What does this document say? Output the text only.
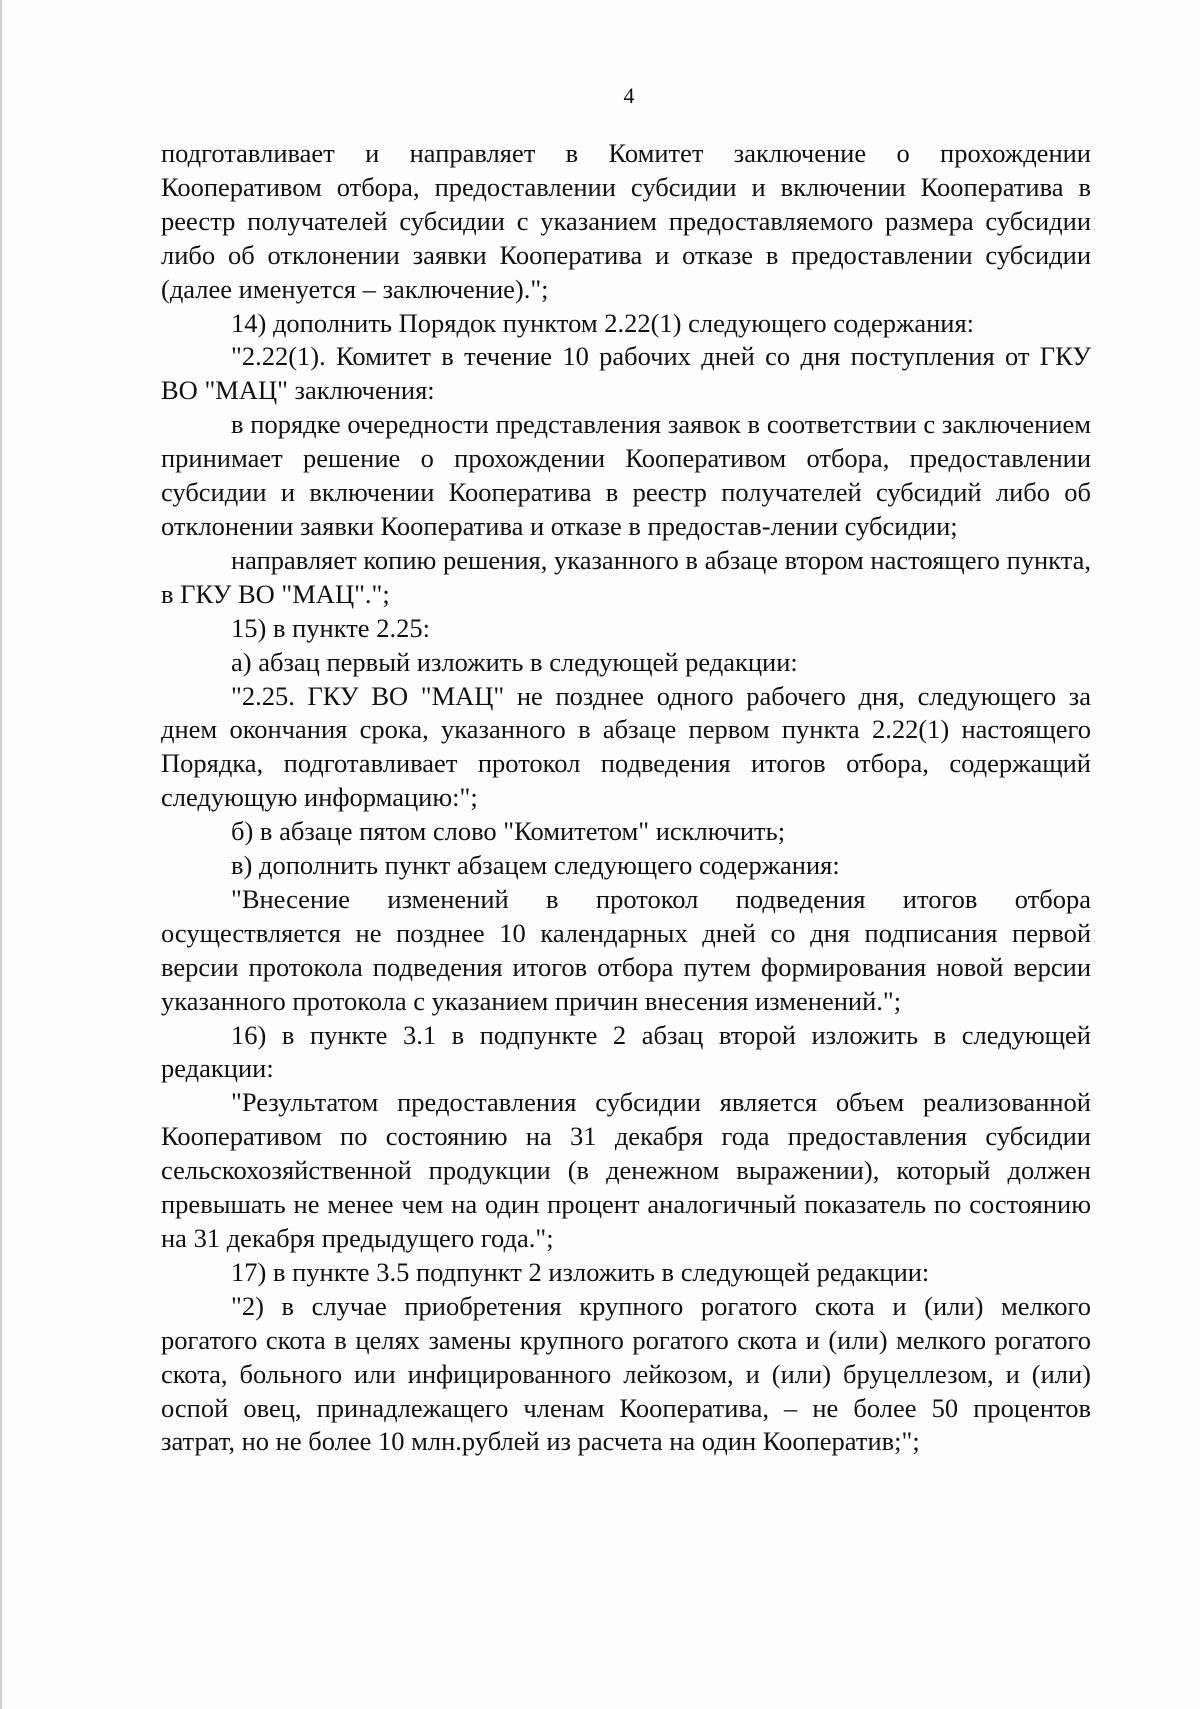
4

подготавливает и направляет в Комитет заключение о прохождении Кооперативом отбора, предоставлении субсидии и включении Кооператива в реестр получателей субсидии с указанием предоставляемого размера субсидии либо об отклонении заявки Кооператива и отказе в предоставлении субсидии (далее именуется – заключение).";

14) дополнить Порядок пунктом 2.22(1) следующего содержания:

"2.22(1). Комитет в течение 10 рабочих дней со дня поступления от ГКУ ВО "МАЦ" заключения:

в порядке очередности представления заявок в соответствии с заключением принимает решение о прохождении Кооперативом отбора, предоставлении субсидии и включении Кооператива в реестр получателей субсидий либо об отклонении заявки Кооператива и отказе в предостав-лении субсидии;

направляет копию решения, указанного в абзаце втором настоящего пункта, в ГКУ ВО "МАЦ".";

15) в пункте 2.25:

а) абзац первый изложить в следующей редакции:

"2.25. ГКУ ВО "МАЦ" не позднее одного рабочего дня, следующего за днем окончания срока, указанного в абзаце первом пункта 2.22(1) настоящего Порядка, подготавливает протокол подведения итогов отбора, содержащий следующую информацию:";

б) в абзаце пятом слово "Комитетом" исключить;

в) дополнить пункт абзацем следующего содержания:

"Внесение изменений в протокол подведения итогов отбора осуществляется не позднее 10 календарных дней со дня подписания первой версии протокола подведения итогов отбора путем формирования новой версии указанного протокола с указанием причин внесения изменений.";

16) в пункте 3.1 в подпункте 2 абзац второй изложить в следующей редакции:

"Результатом предоставления субсидии является объем реализованной Кооперативом по состоянию на 31 декабря года предоставления субсидии сельскохозяйственной продукции (в денежном выражении), который должен превышать не менее чем на один процент аналогичный показатель по состоянию на 31 декабря предыдущего года.";

17) в пункте 3.5 подпункт 2 изложить в следующей редакции:

"2) в случае приобретения крупного рогатого скота и (или) мелкого рогатого скота в целях замены крупного рогатого скота и (или) мелкого рогатого скота, больного или инфицированного лейкозом, и (или) бруцеллезом, и (или) оспой овец, принадлежащего членам Кооператива, – не более 50 процентов затрат, но не более 10 млн.рублей из расчета на один Кооператив;";
